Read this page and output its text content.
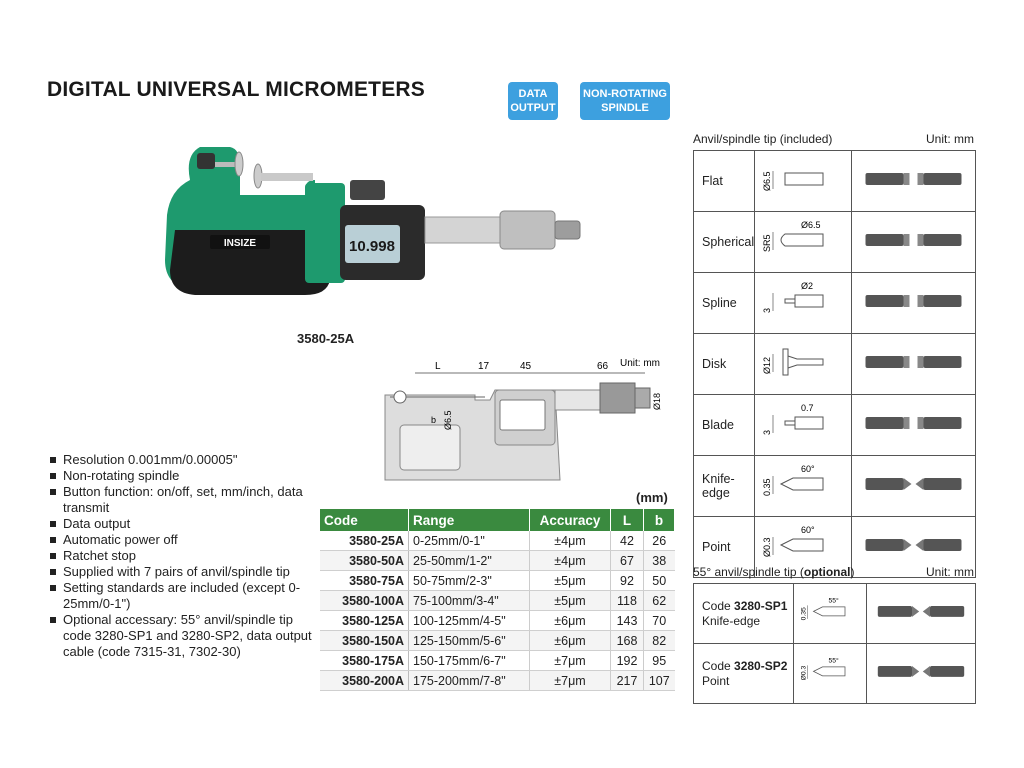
DIGITAL UNIVERSAL MICROMETERS	DATA OUTPUT
NON-ROTATING SPINDLE
INSIZE	10.998
3580-25A
Unit: mm
L	17	45	66
b Ø6.5
Ø18
Resolution 0.001mm/0.00005"
Non-rotating spindle
Button function: on/off, set, mm/inch, data transmit
Data output
Automatic power off
Ratchet stop
Supplied with 7 pairs of anvil/spindle tip
Setting standards are included (except 0-25mm/0-1")
Optional accessary: 55° anvil/spindle tip code 3280-SP1 and 3280-SP2, data output cable (code 7315-31, 7302-30)
(mm)
Code	Range	Accuracy	L	b
3580-25A	0-25mm/0-1"	±4μm	42	26
3580-50A	25-50mm/1-2"	±4μm	67	38
3580-75A	50-75mm/2-3"	±5μm	92	50
3580-100A	75-100mm/3-4"	±5μm	118	62
3580-125A	100-125mm/4-5"	±6μm	143	70
3580-150A	125-150mm/5-6"	±6μm	168	82
3580-175A	150-175mm/6-7"	±7μm	192	95
3580-200A	175-200mm/7-8"	±7μm	217	107
Anvil/spindle tip (included)	Unit: mm
Flat	Ø6.5

Spherical	SR5
Ø6.5

Spline	3
Ø2

Disk	Ø12

Blade	3
0.7

Knife-edge	0.35
60°

Point	Ø0.3
60°

55° anvil/spindle tip (optional)	Unit: mm
Code 3280-SP1
Knife-edge	0.35
55°

Code 3280-SP2
Point	Ø0.3
55°
